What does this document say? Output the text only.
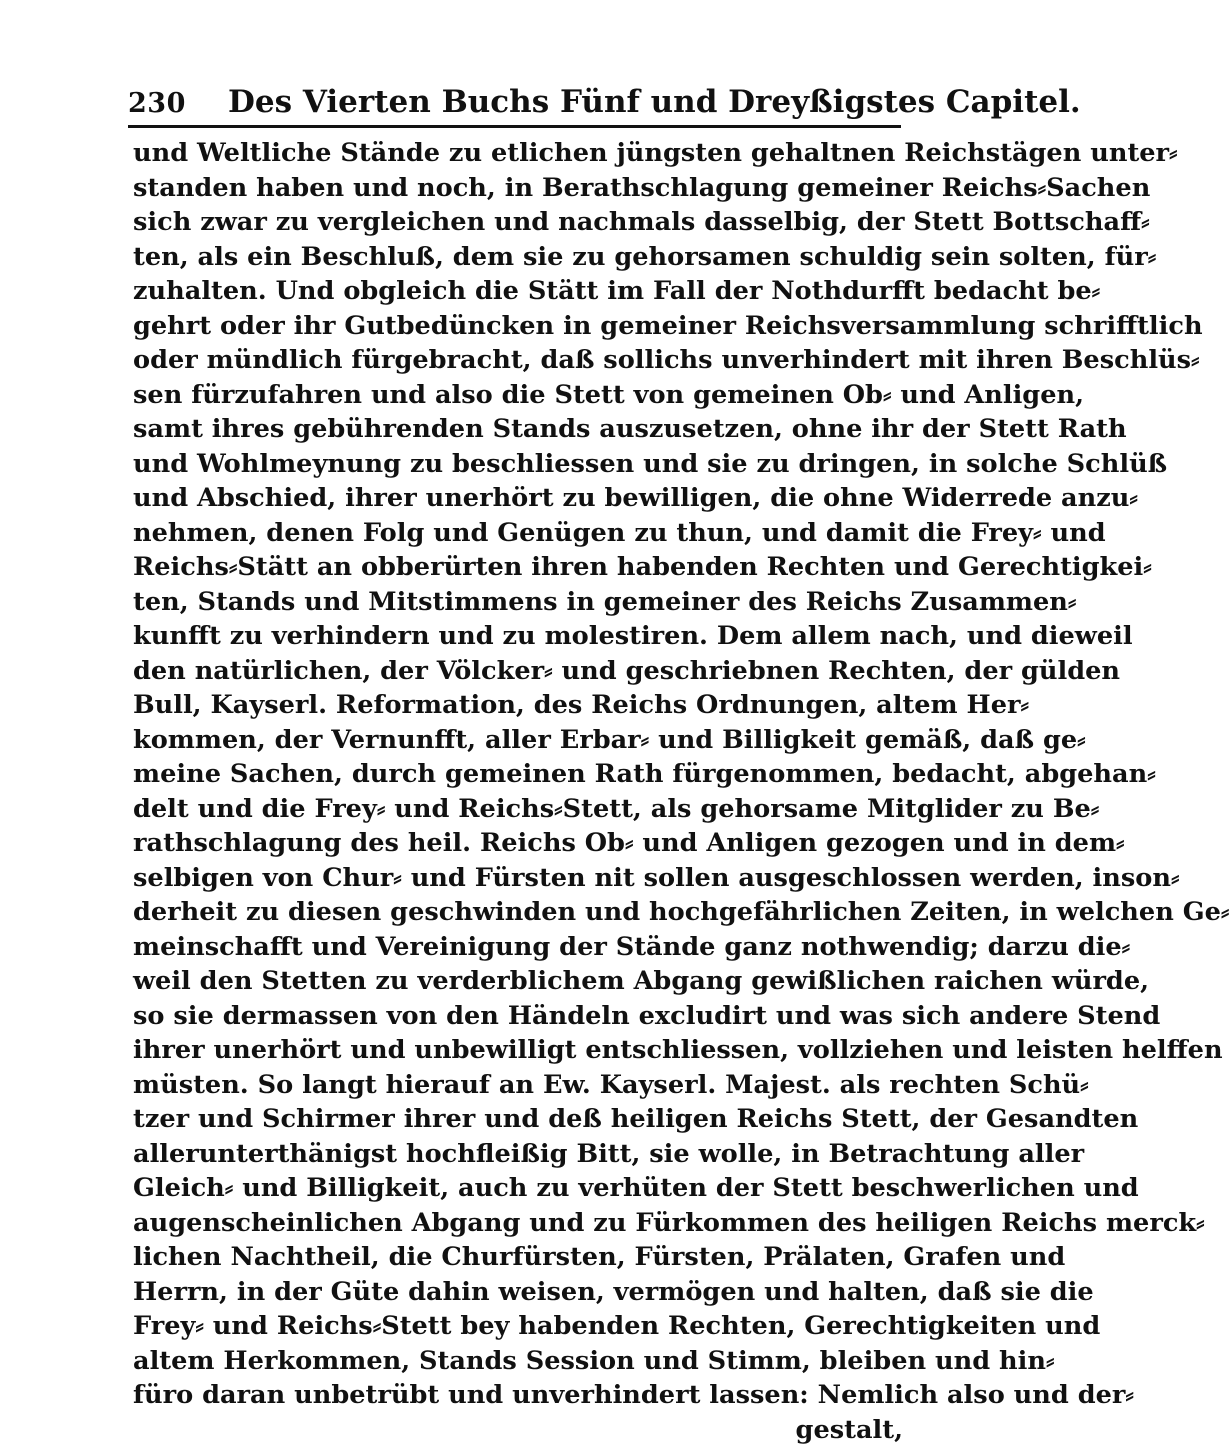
230 Des Vierten Buchs Fünf und Dreyßigstes Capitel.
und Weltliche Stände zu etlichen jüngsten gehaltnen Reichstägen unter⸗
standen haben und noch, in Berathschlagung gemeiner Reichs⸗Sachen
sich zwar zu vergleichen und nachmals dasselbig, der Stett Bottschaff⸗
ten, als ein Beschluß, dem sie zu gehorsamen schuldig sein solten, für⸗
zuhalten. Und obgleich die Stätt im Fall der Nothdurfft bedacht be⸗
gehrt oder ihr Gutbedüncken in gemeiner Reichsversammlung schrifftlich
oder mündlich fürgebracht, daß sollichs unverhindert mit ihren Beschlüs⸗
sen fürzufahren und also die Stett von gemeinen Ob⸗ und Anligen,
samt ihres gebührenden Stands auszusetzen, ohne ihr der Stett Rath
und Wohlmeynung zu beschliessen und sie zu dringen, in solche Schlüß
und Abschied, ihrer unerhört zu bewilligen, die ohne Widerrede anzu⸗
nehmen, denen Folg und Genügen zu thun, und damit die Frey⸗ und
Reichs⸗Stätt an obberürten ihren habenden Rechten und Gerechtigkei⸗
ten, Stands und Mitstimmens in gemeiner des Reichs Zusammen⸗
kunfft zu verhindern und zu molestiren. Dem allem nach, und dieweil
den natürlichen, der Völcker⸗ und geschriebnen Rechten, der gülden
Bull, Kayserl. Reformation, des Reichs Ordnungen, altem Her⸗
kommen, der Vernunfft, aller Erbar⸗ und Billigkeit gemäß, daß ge⸗
meine Sachen, durch gemeinen Rath fürgenommen, bedacht, abgehan⸗
delt und die Frey⸗ und Reichs⸗Stett, als gehorsame Mitglider zu Be⸗
rathschlagung des heil. Reichs Ob⸗ und Anligen gezogen und in dem⸗
selbigen von Chur⸗ und Fürsten nit sollen ausgeschlossen werden, inson⸗
derheit zu diesen geschwinden und hochgefährlichen Zeiten, in welchen Ge⸗
meinschafft und Vereinigung der Stände ganz nothwendig; darzu die⸗
weil den Stetten zu verderblichem Abgang gewißlichen raichen würde,
so sie dermassen von den Händeln excludirt und was sich andere Stend
ihrer unerhört und unbewilligt entschliessen, vollziehen und leisten helffen
müsten. So langt hierauf an Ew. Kayserl. Majest. als rechten Schü⸗
tzer und Schirmer ihrer und deß heiligen Reichs Stett, der Gesandten
allerunterthänigst hochfleißig Bitt, sie wolle, in Betrachtung aller
Gleich⸗ und Billigkeit, auch zu verhüten der Stett beschwerlichen und
augenscheinlichen Abgang und zu Fürkommen des heiligen Reichs merck⸗
lichen Nachtheil, die Churfürsten, Fürsten, Prälaten, Grafen und
Herrn, in der Güte dahin weisen, vermögen und halten, daß sie die
Frey⸗ und Reichs⸗Stett bey habenden Rechten, Gerechtigkeiten und
altem Herkommen, Stands Session und Stimm, bleiben und hin⸗
füro daran unbetrübt und unverhindert lassen: Nemlich also und der⸗
gestalt,
